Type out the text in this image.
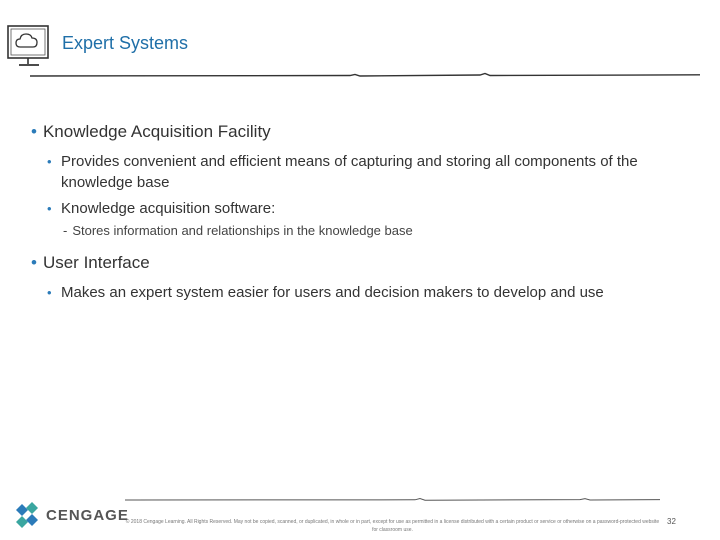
Expert Systems
• Knowledge Acquisition Facility
• Provides convenient and efficient means of capturing and storing all components of the knowledge base
• Knowledge acquisition software:
- Stores information and relationships in the knowledge base
• User Interface
• Makes an expert system easier for users and decision makers to develop and use
CENGAGE
© 2018 Cengage Learning. All Rights Reserved. May not be copied, scanned, or duplicated, in whole or in part, except for use as permitted in a license distributed with a certain product or service or otherwise on a password-protected website for classroom use.
32
